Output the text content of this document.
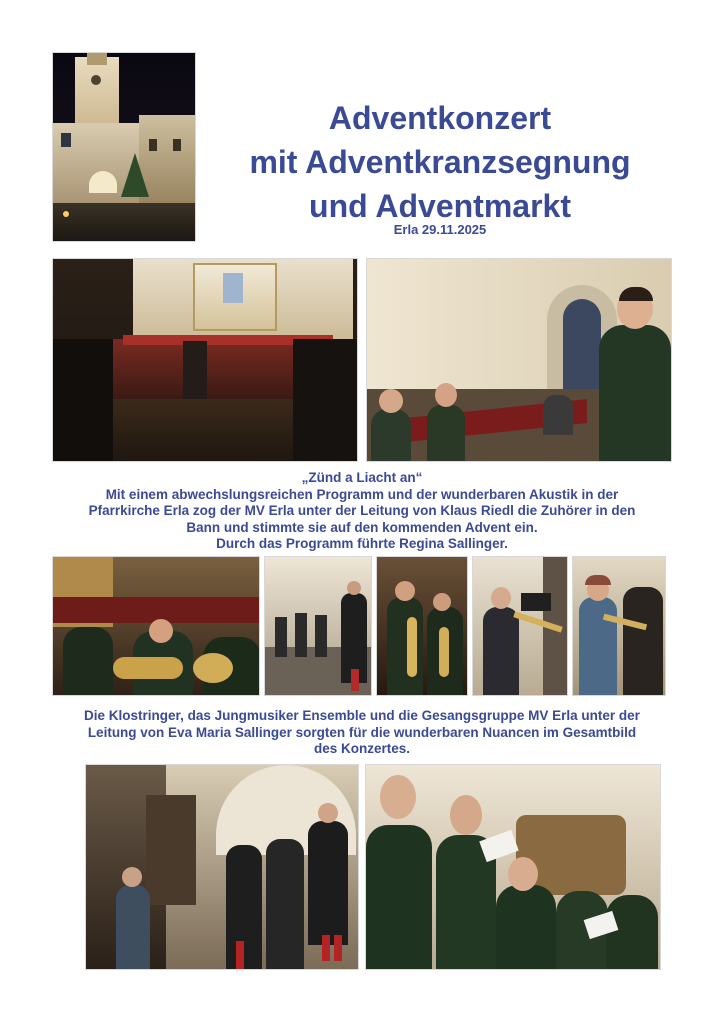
Adventkonzert
mit Adventkranzsegnung
und Adventmarkt
Erla 29.11.2025
„Zünd a Liacht an“
Mit einem abwechslungsreichen Programm und der wunderbaren Akustik in der
Pfarrkirche Erla zog der MV Erla unter der Leitung von Klaus Riedl die Zuhörer in den
Bann und stimmte sie auf den kommenden Advent ein.
Durch das Programm führte Regina Sallinger.
Die Klostringer, das Jungmusiker Ensemble und die Gesangsgruppe MV Erla unter der
Leitung von Eva Maria Sallinger sorgten für die wunderbaren Nuancen im Gesamtbild
des Konzertes.
